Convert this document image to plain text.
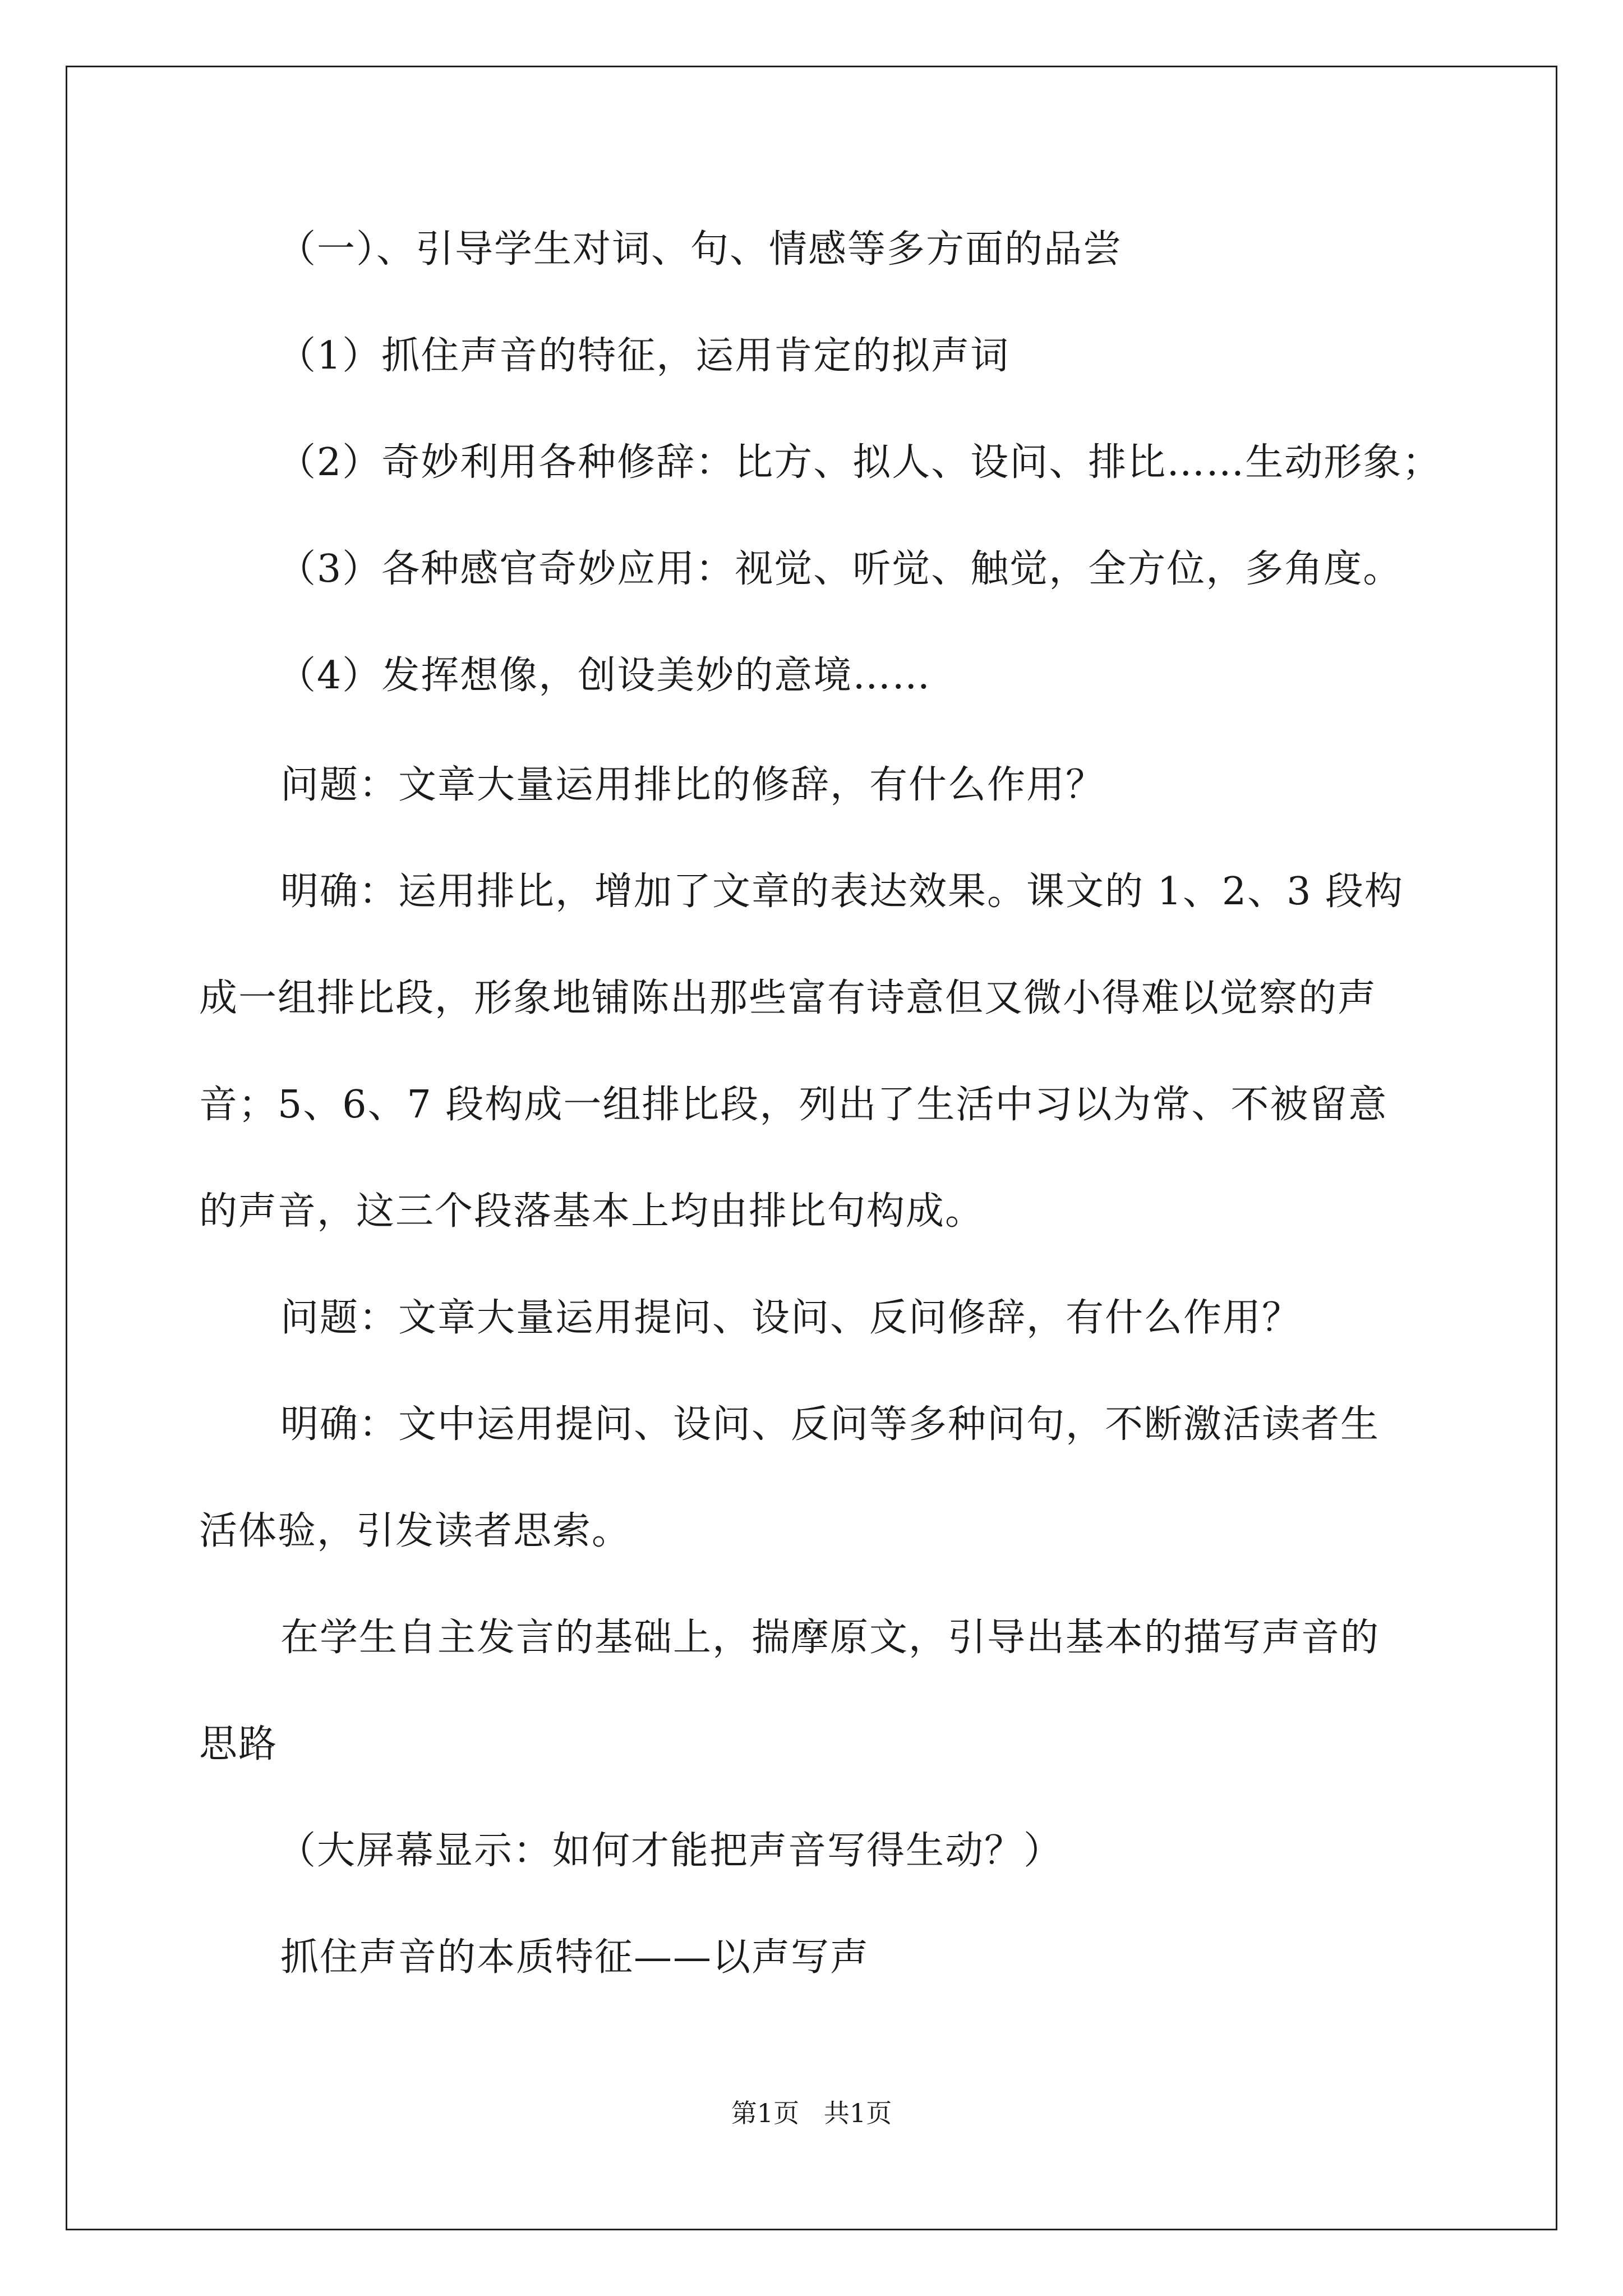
（一）、引导学生对词、句、情感等多方面的品尝
（1）抓住声音的特征，运用肯定的拟声词
（2）奇妙利用各种修辞：比方、拟人、设问、排比……生动形象；
（3）各种感官奇妙应用：视觉、听觉、触觉，全方位，多角度。
（4）发挥想像，创设美妙的意境……
问题：文章大量运用排比的修辞，有什么作用？
明确：运用排比，增加了文章的表达效果。课文的 1、2、3 段构
成一组排比段，形象地铺陈出那些富有诗意但又微小得难以觉察的声
音；5、6、7 段构成一组排比段，列出了生活中习以为常、不被留意
的声音，这三个段落基本上均由排比句构成。
问题：文章大量运用提问、设问、反问修辞，有什么作用？
明确：文中运用提问、设问、反问等多种问句，不断激活读者生
活体验，引发读者思索。
在学生自主发言的基础上，揣摩原文，引导出基本的描写声音的
思路
（大屏幕显示：如何才能把声音写得生动？）
抓住声音的本质特征——以声写声
第1页   共1页
